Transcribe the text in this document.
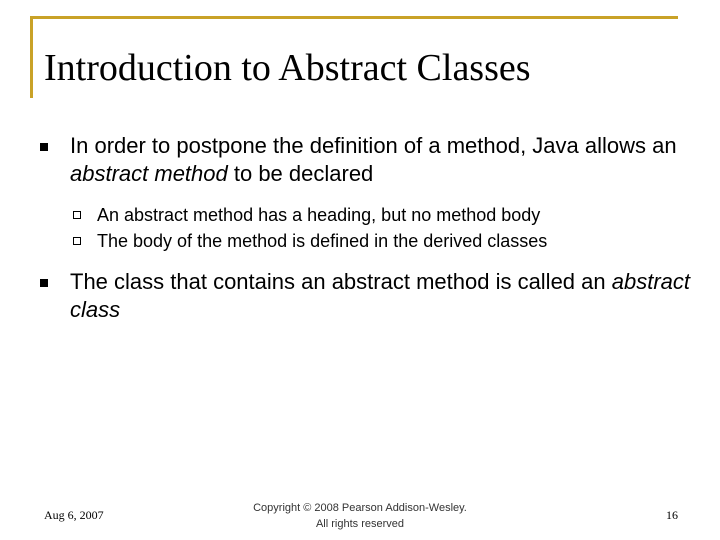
Introduction to Abstract Classes
In order to postpone the definition of a method, Java allows an abstract method to be declared
An abstract method has a heading, but no method body
The body of the method is defined in the derived classes
The class that contains an abstract method is called an abstract class
Aug 6, 2007	Copyright © 2008 Pearson Addison-Wesley.
All rights reserved
16
